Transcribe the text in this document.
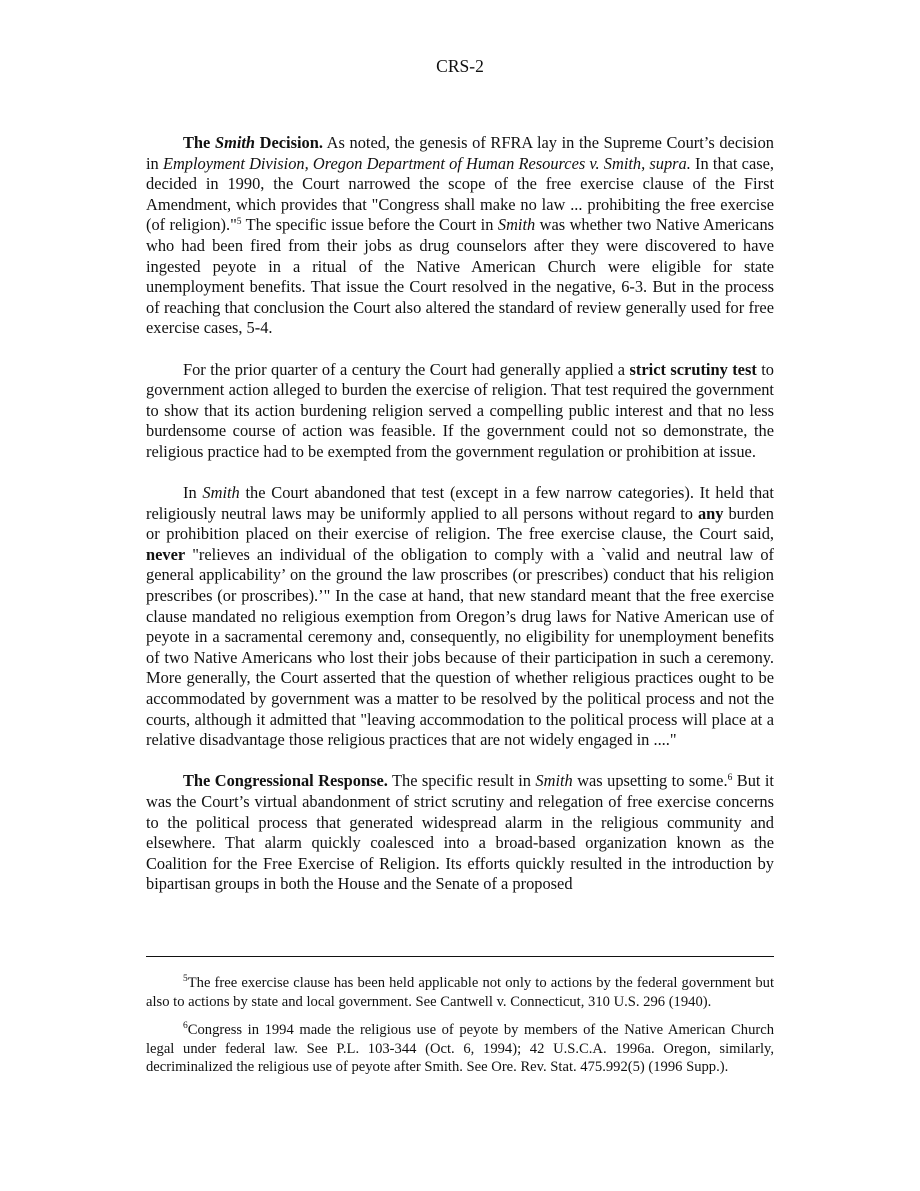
CRS-2

The Smith Decision. As noted, the genesis of RFRA lay in the Supreme Court’s decision in Employment Division, Oregon Department of Human Resources v. Smith, supra. In that case, decided in 1990, the Court narrowed the scope of the free exercise clause of the First Amendment, which provides that "Congress shall make no law ... prohibiting the free exercise (of religion)."$^5$ The specific issue before the Court in Smith was whether two Native Americans who had been fired from their jobs as drug counselors after they were discovered to have ingested peyote in a ritual of the Native American Church were eligible for state unemployment benefits. That issue the Court resolved in the negative, 6-3. But in the process of reaching that conclusion the Court also altered the standard of review generally used for free exercise cases, 5-4.

For the prior quarter of a century the Court had generally applied a strict scrutiny test to government action alleged to burden the exercise of religion. That test required the government to show that its action burdening religion served a compelling public interest and that no less burdensome course of action was feasible. If the government could not so demonstrate, the religious practice had to be exempted from the government regulation or prohibition at issue.

In Smith the Court abandoned that test (except in a few narrow categories). It held that religiously neutral laws may be uniformly applied to all persons without regard to any burden or prohibition placed on their exercise of religion. The free exercise clause, the Court said, never "relieves an individual of the obligation to comply with a `valid and neutral law of general applicability’ on the ground the law proscribes (or prescribes) conduct that his religion prescribes (or proscribes).’" In the case at hand, that new standard meant that the free exercise clause mandated no religious exemption from Oregon’s drug laws for Native American use of peyote in a sacramental ceremony and, consequently, no eligibility for unemployment benefits of two Native Americans who lost their jobs because of their participation in such a ceremony. More generally, the Court asserted that the question of whether religious practices ought to be accommodated by government was a matter to be resolved by the political process and not the courts, although it admitted that "leaving accommodation to the political process will place at a relative disadvantage those religious practices that are not widely engaged in ...."

The Congressional Response. The specific result in Smith was upsetting to some.$^6$ But it was the Court’s virtual abandonment of strict scrutiny and relegation of free exercise concerns to the political process that generated widespread alarm in the religious community and elsewhere. That alarm quickly coalesced into a broad-based organization known as the Coalition for the Free Exercise of Religion. Its efforts quickly resulted in the introduction by bipartisan groups in both the House and the Senate of a proposed

$^5$The free exercise clause has been held applicable not only to actions by the federal government but also to actions by state and local government. See Cantwell v. Connecticut, 310 U.S. 296 (1940).

$^6$Congress in 1994 made the religious use of peyote by members of the Native American Church legal under federal law. See P.L. 103-344 (Oct. 6, 1994); 42 U.S.C.A. 1996a. Oregon, similarly, decriminalized the religious use of peyote after Smith. See Ore. Rev. Stat. 475.992(5) (1996 Supp.).
